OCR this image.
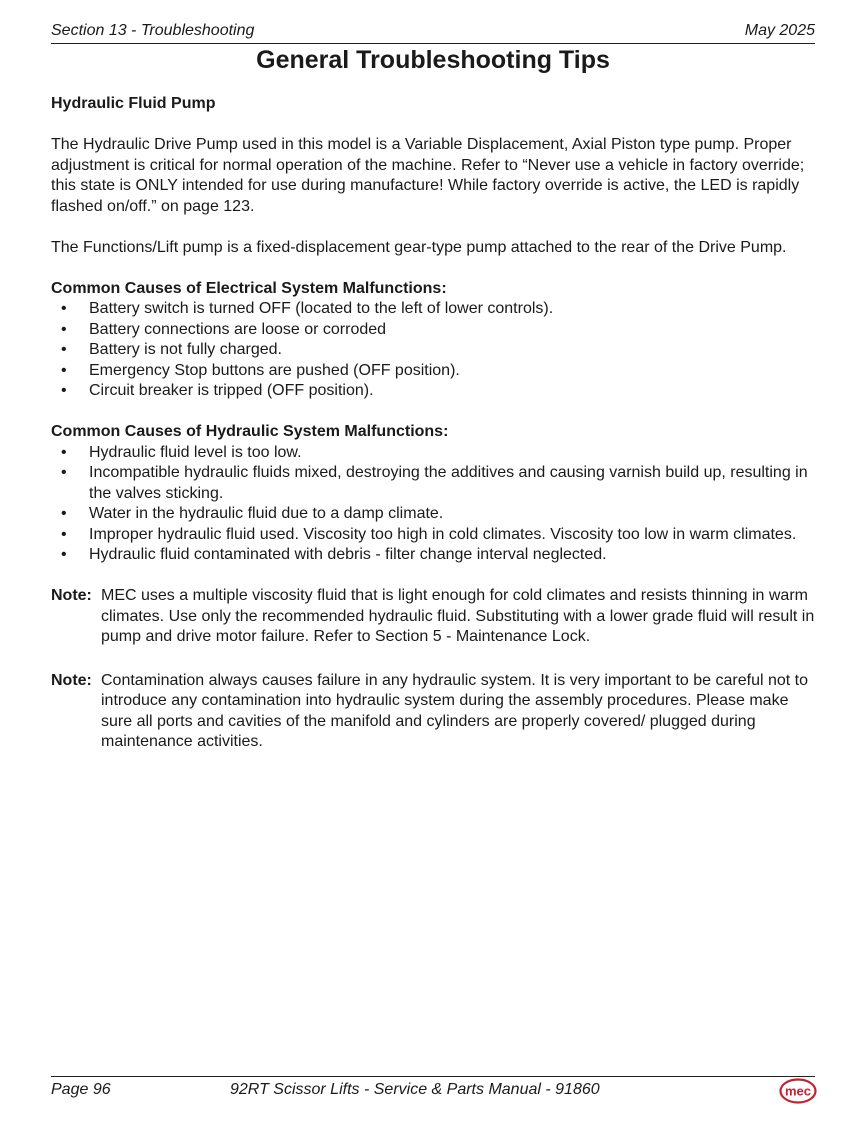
Section 13 - Troubleshooting	May 2025
General Troubleshooting Tips

Hydraulic Fluid Pump

The Hydraulic Drive Pump used in this model is a Variable Displacement, Axial Piston type pump. Proper adjustment is critical for normal operation of the machine. Refer to “Never use a vehicle in factory override; this state is ONLY intended for use during manufacture! While factory override is active, the LED is rapidly flashed on/off.” on page 123.

The Functions/Lift pump is a fixed-displacement gear-type pump attached to the rear of the Drive Pump.

Common Causes of Electrical System Malfunctions:

• Battery switch is turned OFF (located to the left of lower controls).
• Battery connections are loose or corroded
• Battery is not fully charged.
• Emergency Stop buttons are pushed (OFF position).
• Circuit breaker is tripped (OFF position).

Common Causes of Hydraulic System Malfunctions:

• Hydraulic fluid level is too low.
• Incompatible hydraulic fluids mixed, destroying the additives and causing varnish build up, resulting in the valves sticking.
• Water in the hydraulic fluid due to a damp climate.
• Improper hydraulic fluid used. Viscosity too high in cold climates. Viscosity too low in warm climates.
• Hydraulic fluid contaminated with debris - filter change interval neglected.
Note: MEC uses a multiple viscosity fluid that is light enough for cold climates and resists thinning in warm climates. Use only the recommended hydraulic fluid. Substituting with a lower grade fluid will result in pump and drive motor failure. Refer to Section 5 - Maintenance Lock.
Note: Contamination always causes failure in any hydraulic system. It is very important to be careful not to introduce any contamination into hydraulic system during the assembly procedures. Please make sure all ports and cavities of the manifold and cylinders are properly covered/ plugged during maintenance activities.
Page 96	92RT Scissor Lifts - Service & Parts Manual - 91860	mec
